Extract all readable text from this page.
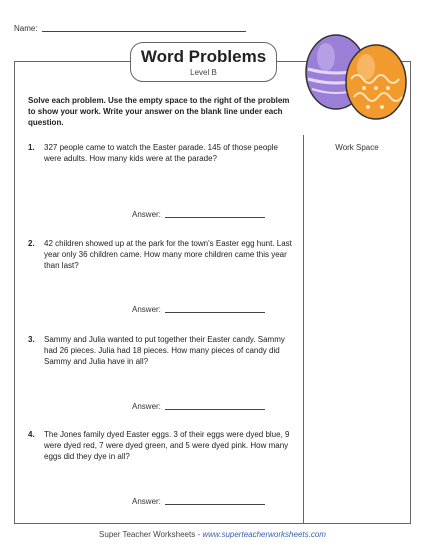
Name:
Word Problems
Level B
Solve each problem. Use the empty space to the right of the problem to show your work. Write your answer on the blank line under each question.
Work Space
1. 327 people came to watch the Easter parade. 145 of those people were adults. How many kids were at the parade?
Answer:
2. 42 children showed up at the park for the town's Easter egg hunt. Last year only 36 children came. How many more children came this year than last?
Answer:
3. Sammy and Julia wanted to put together their Easter candy. Sammy had 26 pieces. Julia had 18 pieces. How many pieces of candy did Sammy and Julia have in all?
Answer:
4. The Jones family dyed Easter eggs. 3 of their eggs were dyed blue, 9 were dyed red, 7 were dyed green, and 5 were dyed pink. How many eggs did they dye in all?
Answer:
Super Teacher Worksheets - www.superteacherworksheets.com
